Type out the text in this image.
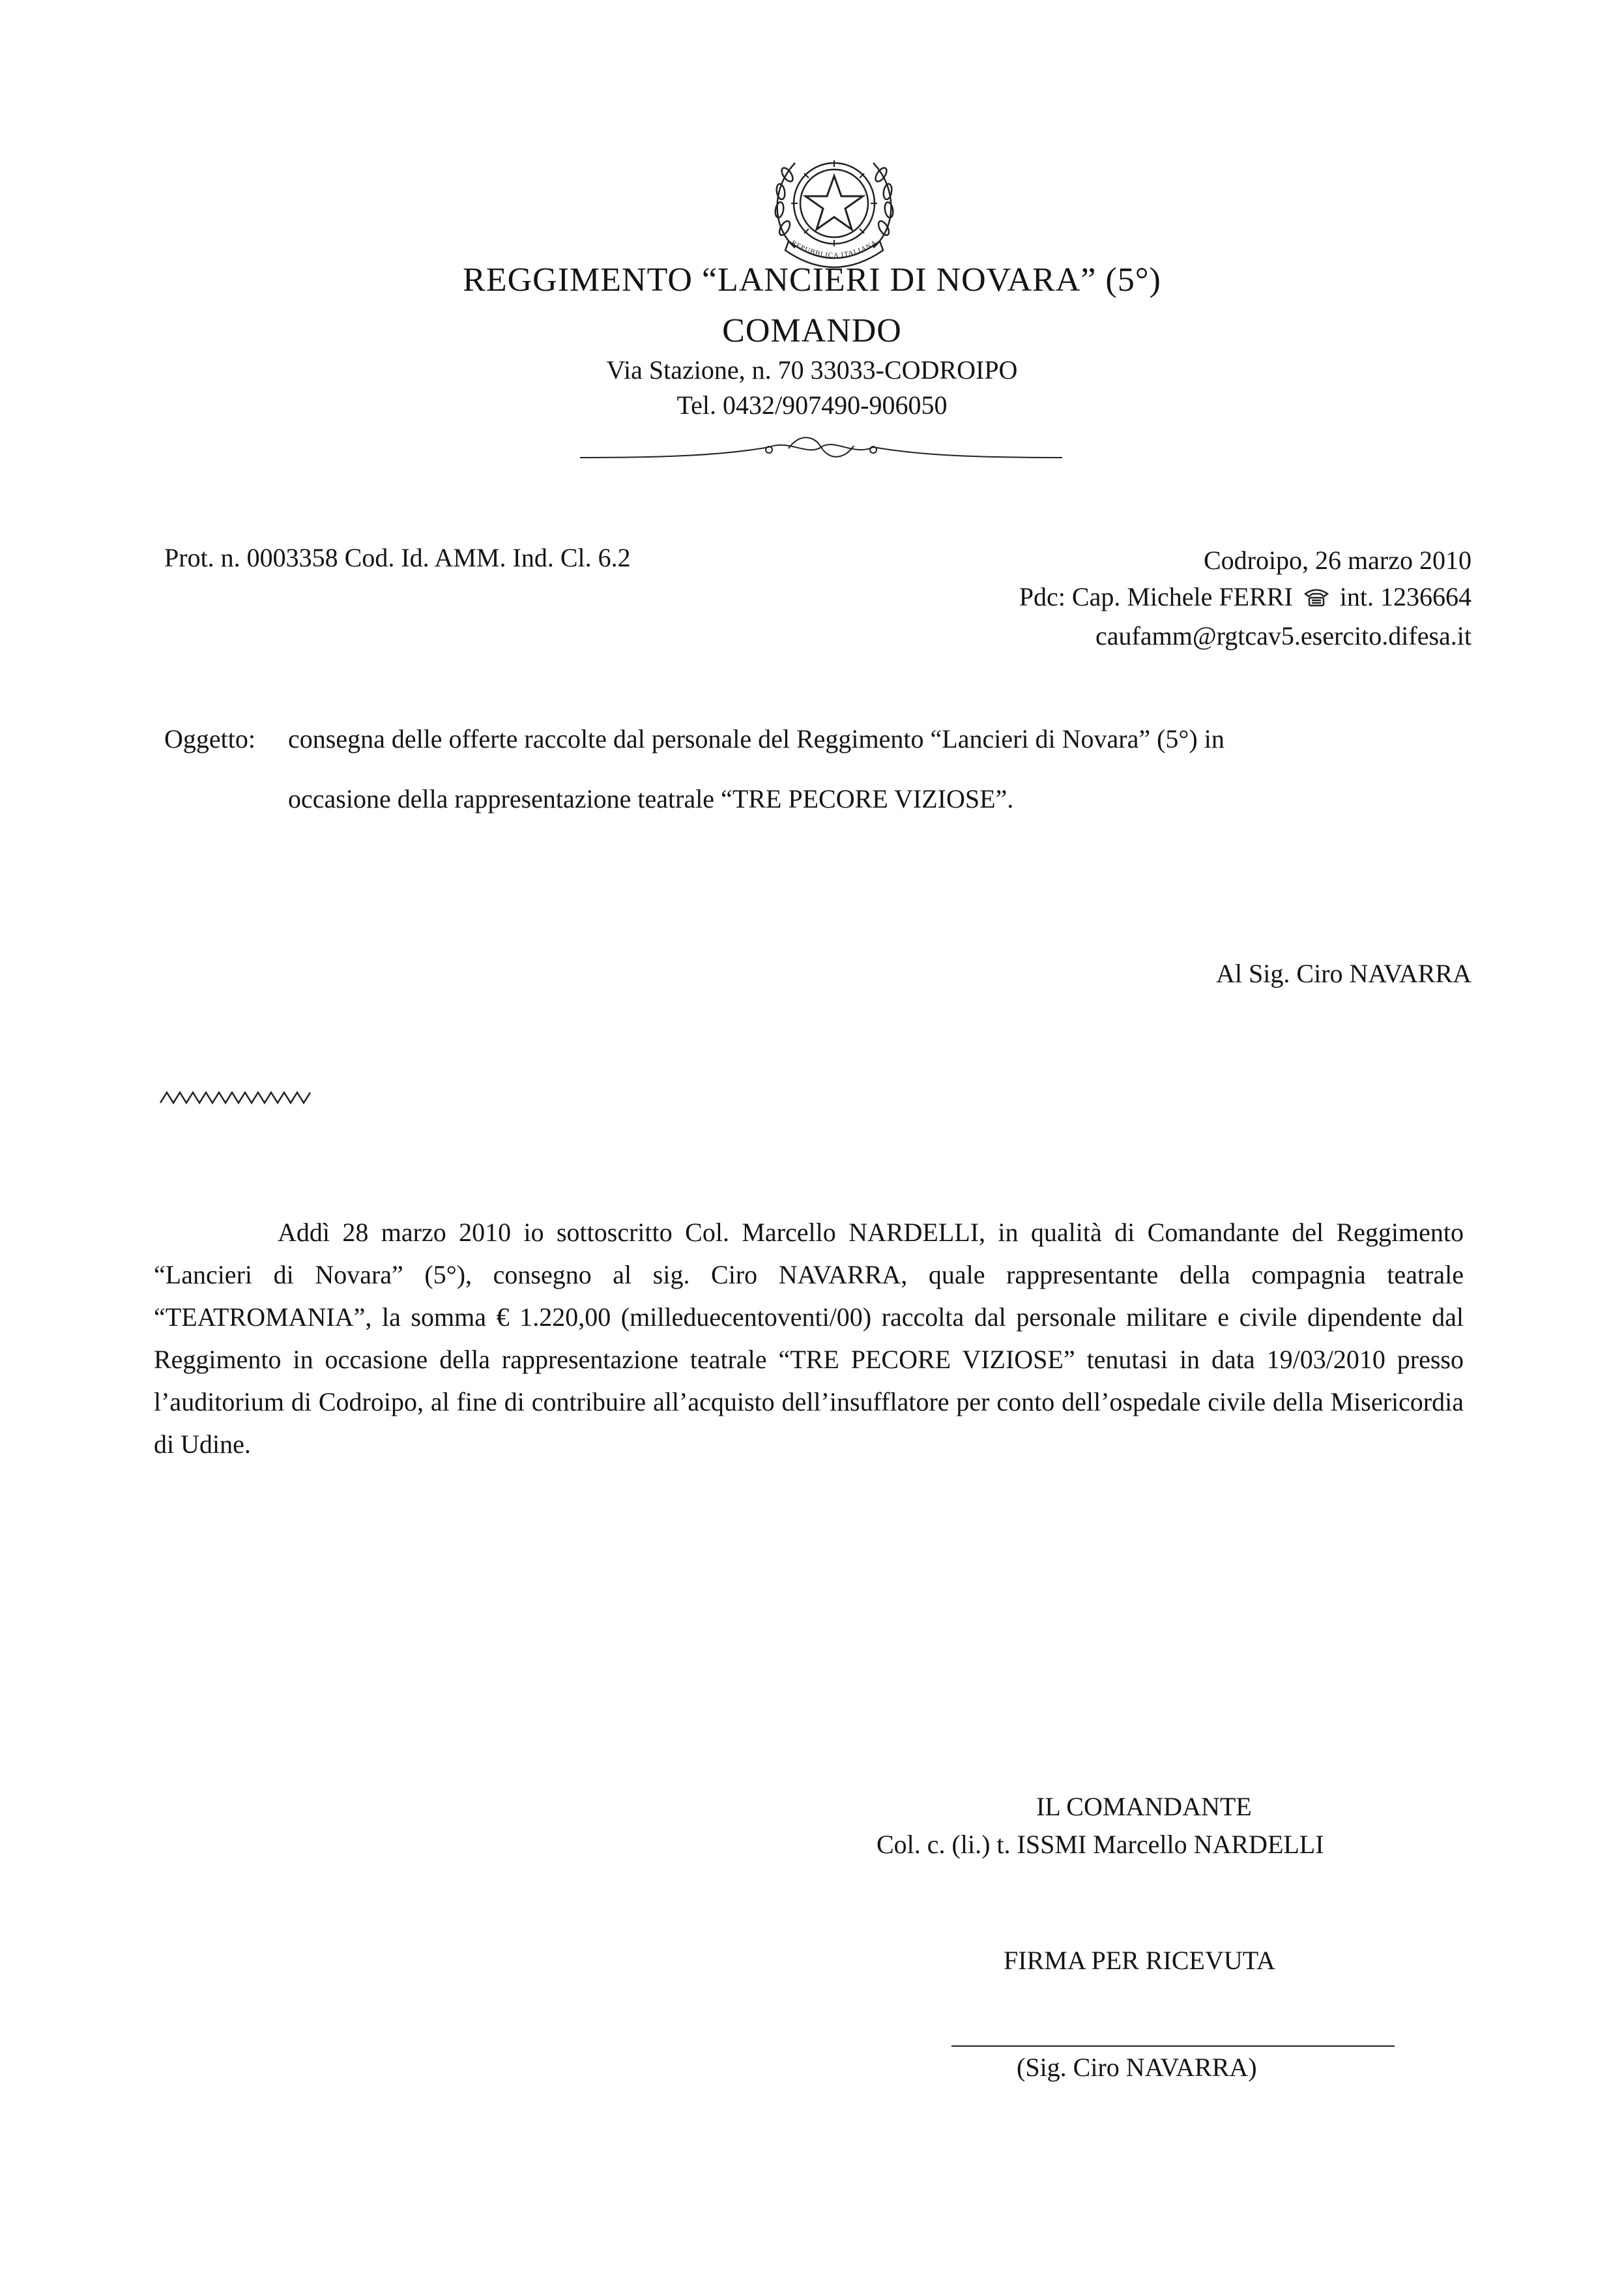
REPUBBLICA ITALIANA
REGGIMENTO “LANCIERI DI NOVARA” (5°)
COMANDO
Via Stazione, n. 70 33033-CODROIPO
Tel. 0432/907490-906050
Prot. n. 0003358 Cod. Id. AMM. Ind. Cl. 6.2	Codroipo, 26 marzo 2010
Pdc: Cap. Michele FERRI int. 1236664
caufamm@rgtcav5.esercito.difesa.it
Oggetto: consegna delle offerte raccolte dal personale del Reggimento “Lancieri di Novara” (5°) in
occasione della rappresentazione teatrale “TRE PECORE VIZIOSE”.
Al Sig. Ciro NAVARRA
Addì 28 marzo 2010 io sottoscritto Col. Marcello NARDELLI, in qualità di Comandante del Reggimento “Lancieri di Novara” (5°), consegno al sig. Ciro NAVARRA, quale rappresentante della compagnia teatrale “TEATROMANIA”, la somma € 1.220,00 (milleduecentoventi/00) raccolta dal personale militare e civile dipendente dal Reggimento in occasione della rappresentazione teatrale “TRE PECORE VIZIOSE” tenutasi in data 19/03/2010 presso l’auditorium di Codroipo, al fine di contribuire all’acquisto dell’insufflatore per conto dell’ospedale civile della Misericordia di Udine.
IL COMANDANTE
Col. c. (li.) t. ISSMI Marcello NARDELLI
FIRMA PER RICEVUTA
(Sig. Ciro NAVARRA)
